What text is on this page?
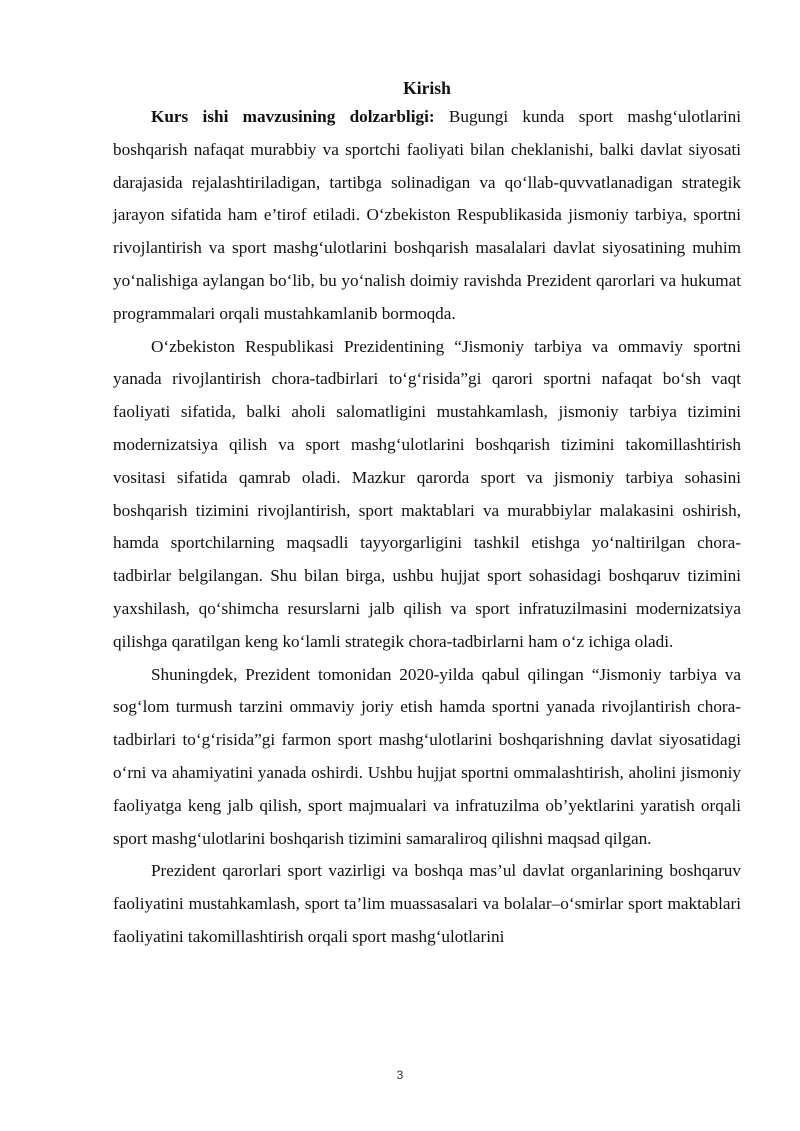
Kirish

Kurs ishi mavzusining dolzarbligi: Bugungi kunda sport mashg‘ulotlarini boshqarish nafaqat murabbiy va sportchi faoliyati bilan cheklanishi, balki davlat siyosati darajasida rejalashtiriladigan, tartibga solinadigan va qo‘llab-quvvatlanadigan strategik jarayon sifatida ham e’tirof etiladi. O‘zbekiston Respublikasida jismoniy tarbiya, sportni rivojlantirish va sport mashg‘ulotlarini boshqarish masalalari davlat siyosatining muhim yo‘nalishiga aylangan bo‘lib, bu yo‘nalish doimiy ravishda Prezident qarorlari va hukumat programmalari orqali mustahkamlanib bormoqda.

O‘zbekiston Respublikasi Prezidentining “Jismoniy tarbiya va ommaviy sportni yanada rivojlantirish chora-tadbirlari to‘g‘risida”gi qarori sportni nafaqat bo‘sh vaqt faoliyati sifatida, balki aholi salomatligini mustahkamlash, jismoniy tarbiya tizimini modernizatsiya qilish va sport mashg‘ulotlarini boshqarish tizimini takomillashtirish vositasi sifatida qamrab oladi. Mazkur qarorda sport va jismoniy tarbiya sohasini boshqarish tizimini rivojlantirish, sport maktablari va murabbiylar malakasini oshirish, hamda sportchilarning maqsadli tayyorgarligini tashkil etishga yo‘naltirilgan chora-tadbirlar belgilangan. Shu bilan birga, ushbu hujjat sport sohasidagi boshqaruv tizimini yaxshilash, qo‘shimcha resurslarni jalb qilish va sport infratuzilmasini modernizatsiya qilishga qaratilgan keng ko‘lamli strategik chora-tadbirlarni ham o‘z ichiga oladi.

Shuningdek, Prezident tomonidan 2020-yilda qabul qilingan “Jismoniy tarbiya va sog‘lom turmush tarzini ommaviy joriy etish hamda sportni yanada rivojlantirish chora-tadbirlari to‘g‘risida”gi farmon sport mashg‘ulotlarini boshqarishning davlat siyosatidagi o‘rni va ahamiyatini yanada oshirdi. Ushbu hujjat sportni ommalashtirish, aholini jismoniy faoliyatga keng jalb qilish, sport majmualari va infratuzilma ob’yektlarini yaratish orqali sport mashg‘ulotlarini boshqarish tizimini samaraliroq qilishni maqsad qilgan.

Prezident qarorlari sport vazirligi va boshqa mas’ul davlat organlarining boshqaruv faoliyatini mustahkamlash, sport ta’lim muassasalari va bolalar–o‘smirlar sport maktablari faoliyatini takomillashtirish orqali sport mashg‘ulotlarini

3
